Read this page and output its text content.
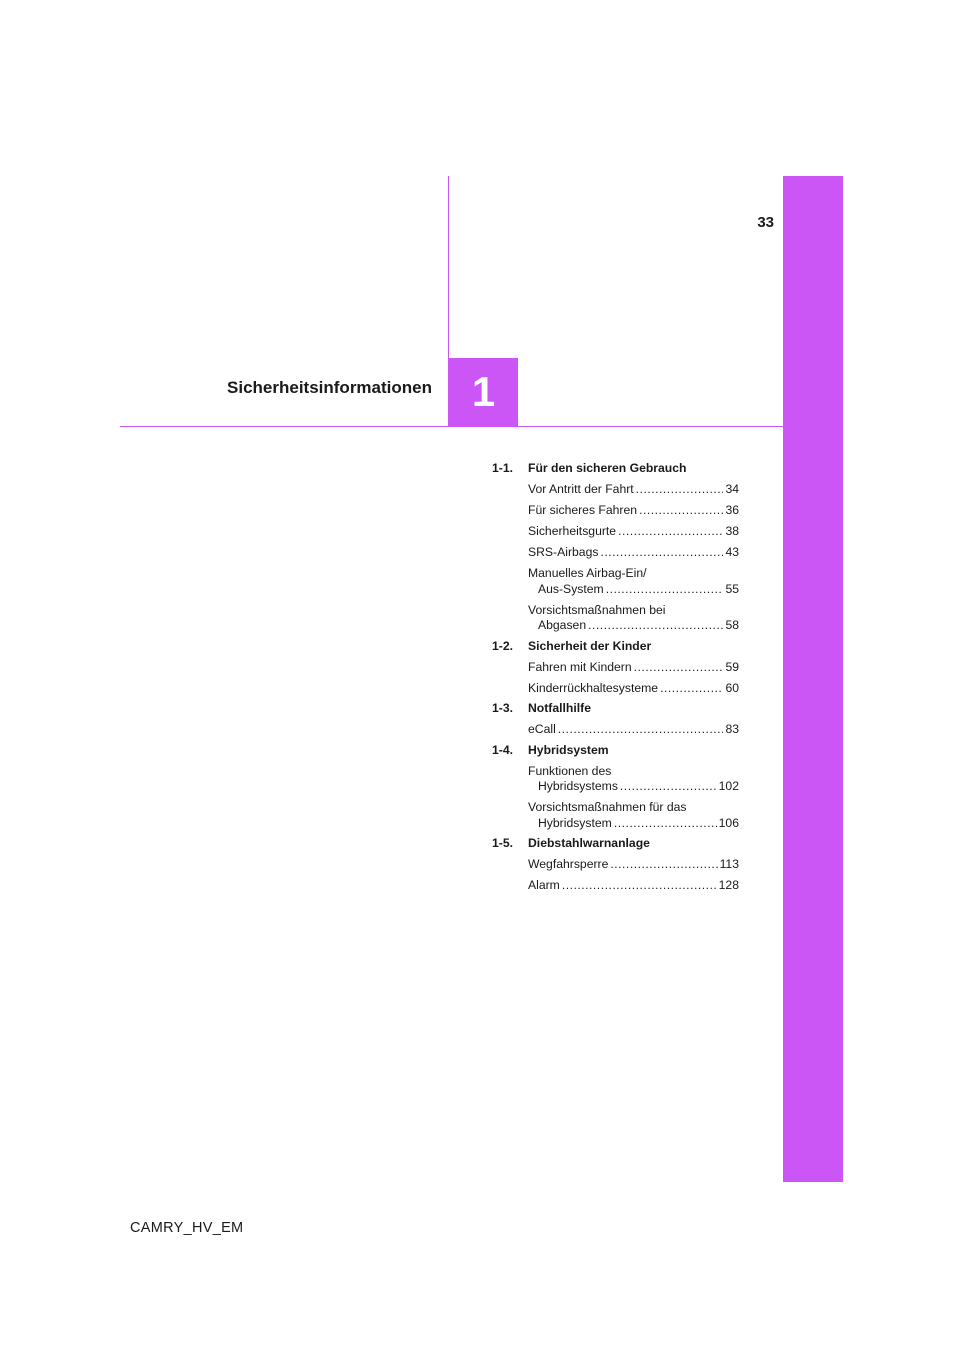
33
Sicherheitsinformationen 1
1-1.	Für den sicheren Gebrauch
Vor Antritt der Fahrt .....	34
Für sicheres Fahren .....	36
Sicherheitsgurte .....	38
SRS-Airbags .....	43
Manuelles Airbag-Ein/
Aus-System .....	55
Vorsichtsmaßnahmen bei
Abgasen .....	58
1-2.	Sicherheit der Kinder
Fahren mit Kindern .....	59
Kinderrückhaltesysteme .....	60
1-3.	Notfallhilfe
eCall .....	83
1-4.	Hybridsystem
Funktionen des
Hybridsystems .....	102
Vorsichtsmaßnahmen für das
Hybridsystem .....	106
1-5.	Diebstahlwarnanlage
Wegfahrsperre .....	113
Alarm .....	128
CAMRY_HV_EM
